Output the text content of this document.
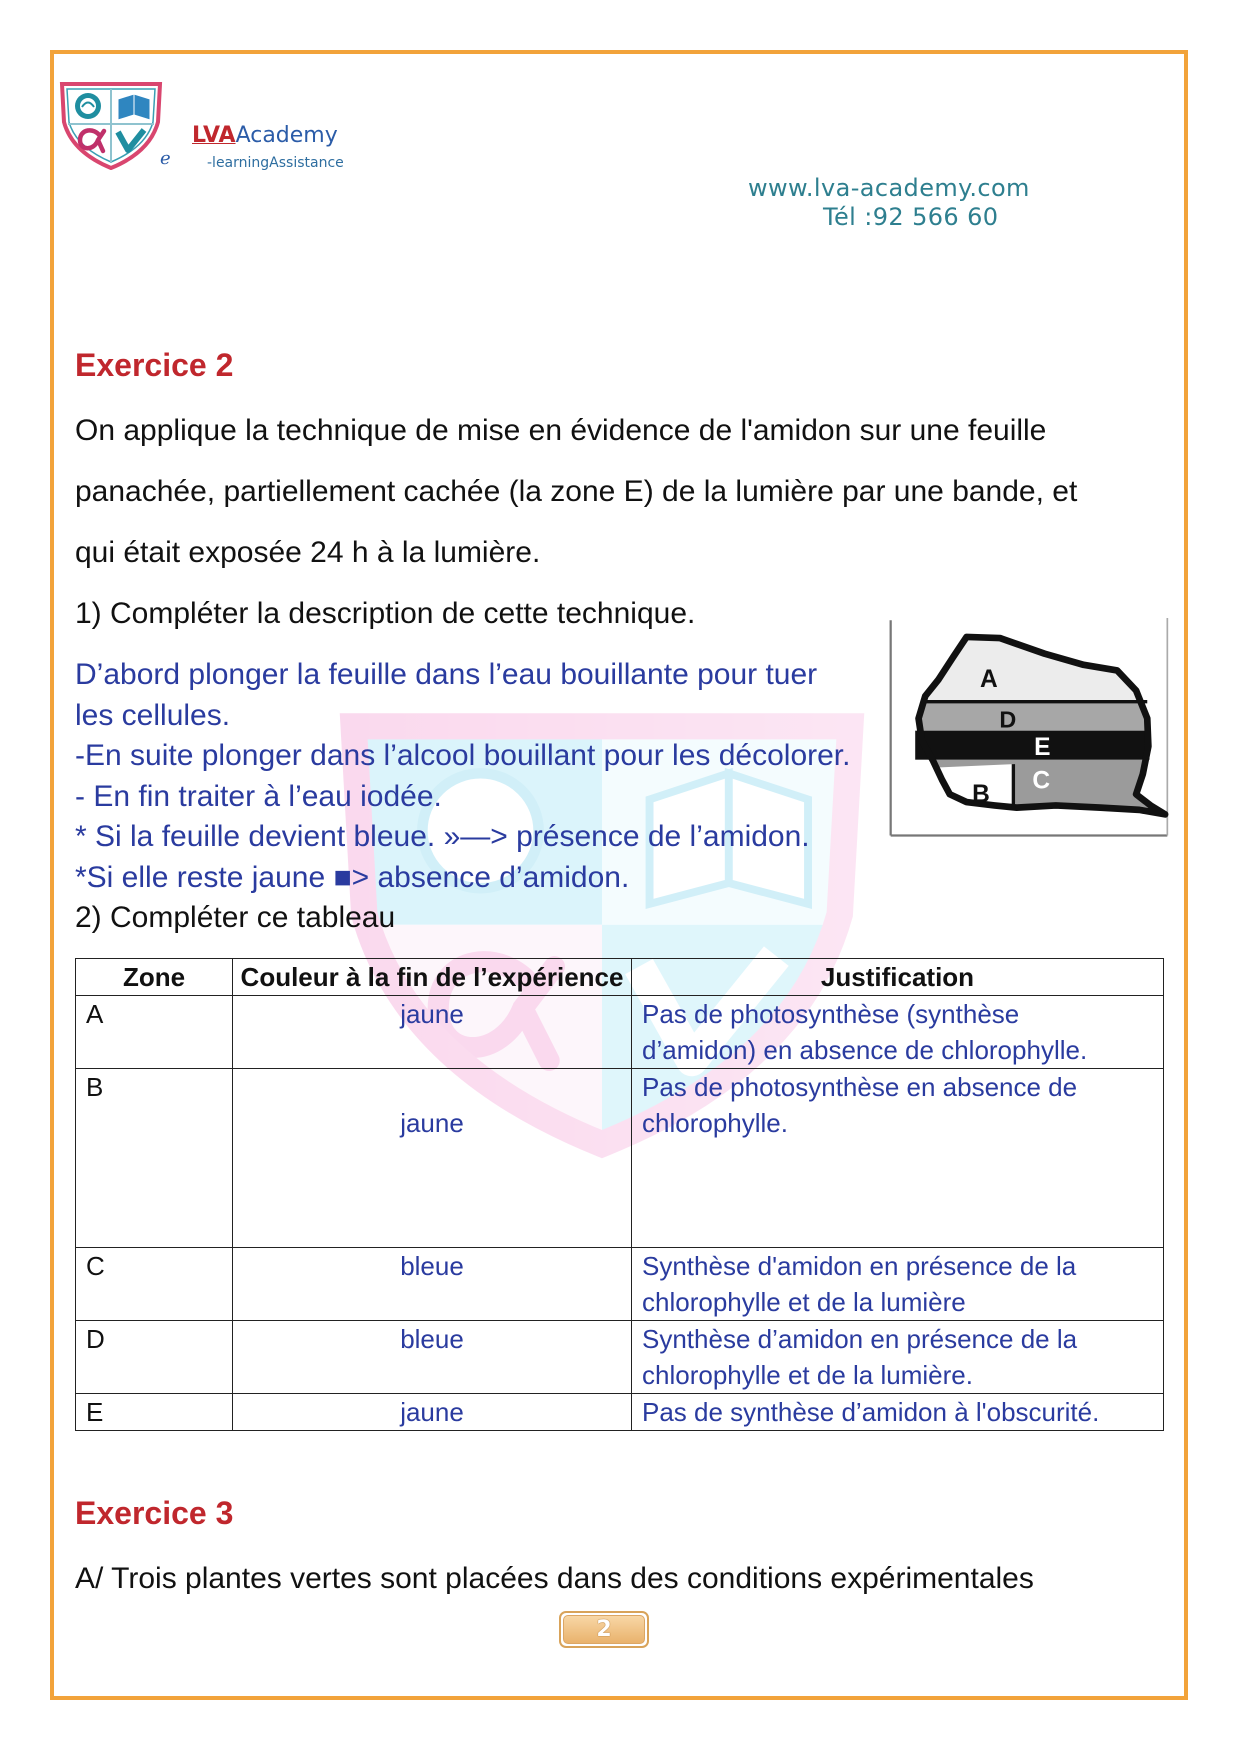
LVAAcademy
e	-learningAssistance
www.lva-academy.com
Tél :92 566 60
Exercice 2
On applique la technique de mise en évidence de l'amidon sur une feuille
panachée, partiellement cachée (la zone E) de la lumière par une bande, et
qui était exposée 24 h à la lumière.
1) Compléter la description de cette technique.
D’abord plonger la feuille dans l’eau bouillante pour tuer
les cellules.
-En suite plonger dans l’alcool bouillant pour les décolorer.
- En fin traiter à l’eau iodée.
* Si la feuille devient bleue. »—> présence de l’amidon.
*Si elle reste jaune ■> absence d’amidon.
2) Compléter ce tableau
A
D
E
C
B
Zone	Couleur à la fin de l’expérience	Justification
A	jaune	Pas de photosynthèse (synthèse
d’amidon) en absence de chlorophylle.

B	jaune	Pas de photosynthèse en absence de
chlorophylle.

C	bleue	Synthèse d'amidon en présence de la
chlorophylle et de la lumière

D	bleue	Synthèse d’amidon en présence de la
chlorophylle et de la lumière.

E	jaune	Pas de synthèse d’amidon à l'obscurité.
Exercice 3
A/ Trois plantes vertes sont placées dans des conditions expérimentales
2
